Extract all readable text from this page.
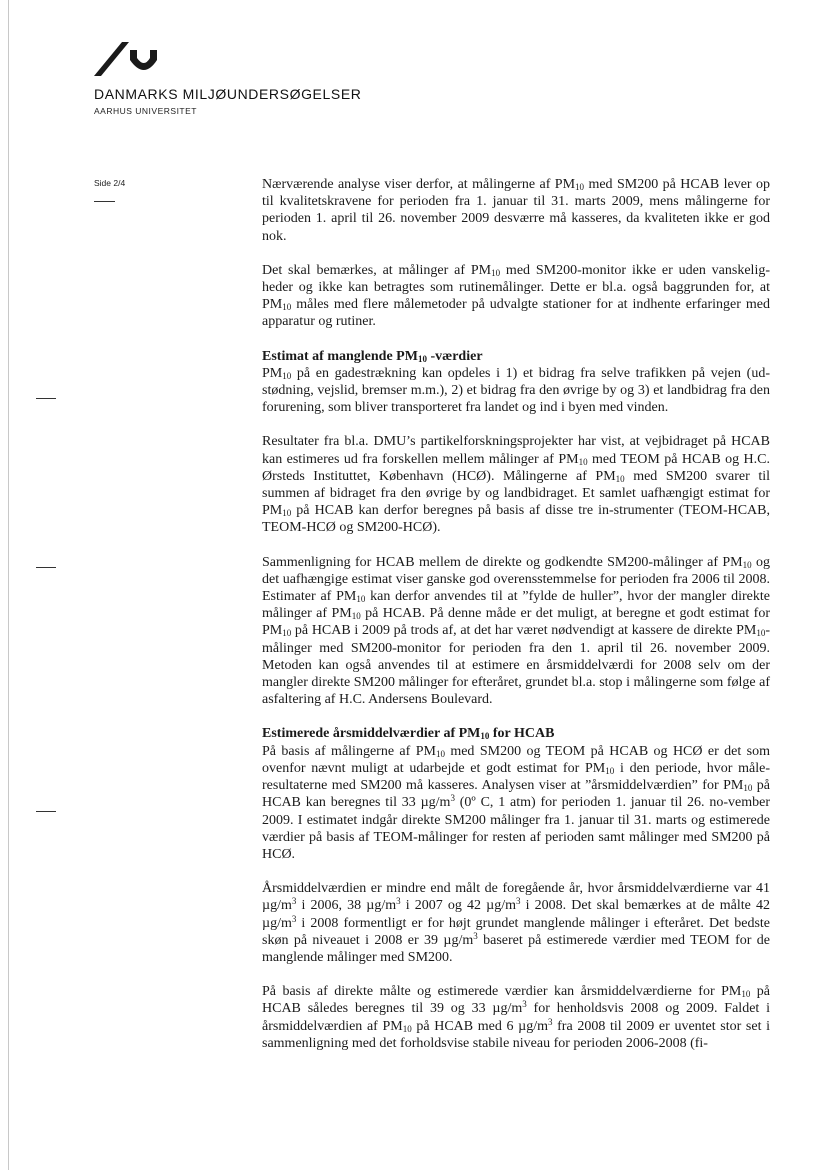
DANMARKS MILJØUNDERSØGELSER
AARHUS UNIVERSITET
Side 2/4	Nærværende analyse viser derfor, at målingerne af $PM_{10}$ med SM200 på HCAB lever op til kvalitetskravene for perioden fra 1. januar til 31. marts 2009, mens målingerne for perioden 1. april til 26. november 2009 desværre må kasseres, da kvaliteten ikke er god nok.

Det skal bemærkes, at målinger af $PM_{10}$ med SM200-monitor ikke er uden vanskelig-heder og ikke kan betragtes som rutinemålinger. Dette er bl.a. også baggrunden for, at $PM_{10}$ måles med flere målemetoder på udvalgte stationer for at indhente erfaringer med apparatur og rutiner.

Estimat af manglende $PM_{10}$ -værdier
$PM_{10}$ på en gadestrækning kan opdeles i 1) et bidrag fra selve trafikken på vejen (ud-stødning, vejslid, bremser m.m.), 2) et bidrag fra den øvrige by og 3) et landbidrag fra den forurening, som bliver transporteret fra landet og ind i byen med vinden.

Resultater fra bl.a. DMU’s partikelforskningsprojekter har vist, at vejbidraget på HCAB kan estimeres ud fra forskellen mellem målinger af $PM_{10}$ med TEOM på HCAB og H.C. Ørsteds Instituttet, København (HCØ). Målingerne af $PM_{10}$ med SM200 svarer til summen af bidraget fra den øvrige by og landbidraget. Et samlet uafhængigt estimat for $PM_{10}$ på HCAB kan derfor beregnes på basis af disse tre in-strumenter (TEOM-HCAB, TEOM-HCØ og SM200-HCØ).

Sammenligning for HCAB mellem de direkte og godkendte SM200-målinger af $PM_{10}$ og det uafhængige estimat viser ganske god overensstemmelse for perioden fra 2006 til 2008. Estimater af $PM_{10}$ kan derfor anvendes til at ”fylde de huller”, hvor der mangler direkte målinger af $PM_{10}$ på HCAB. På denne måde er det muligt, at beregne et godt estimat for $PM_{10}$ på HCAB i 2009 på trods af, at det har været nødvendigt at kassere de direkte $PM_{10}$-målinger med SM200-monitor for perioden fra den 1. april til 26. november 2009. Metoden kan også anvendes til at estimere en årsmiddelværdi for 2008 selv om der mangler direkte SM200 målinger for efteråret, grundet bl.a. stop i målingerne som følge af asfaltering af H.C. Andersens Boulevard.

Estimerede årsmiddelværdier af $PM_{10}$ for HCAB
På basis af målingerne af $PM_{10}$ med SM200 og TEOM på HCAB og HCØ er det som ovenfor nævnt muligt at udarbejde et godt estimat for $PM_{10}$ i den periode, hvor måle-resultaterne med SM200 må kasseres. Analysen viser at ”årsmiddelværdien” for $PM_{10}$ på HCAB kan beregnes til 33 $\mu g/m^3$ (0º C, 1 atm) for perioden 1. januar til 26. no-vember 2009. I estimatet indgår direkte SM200 målinger fra 1. januar til 31. marts og estimerede værdier på basis af TEOM-målinger for resten af perioden samt målinger med SM200 på HCØ.

Årsmiddelværdien er mindre end målt de foregående år, hvor årsmiddelværdierne var 41 $\mu g/m^3$ i 2006, 38 $\mu g/m^3$ i 2007 og 42 $\mu g/m^3$ i 2008. Det skal bemærkes at de målte 42 $\mu g/m^3$ i 2008 formentligt er for højt grundet manglende målinger i efteråret. Det bedste skøn på niveauet i 2008 er 39 $\mu g/m^3$ baseret på estimerede værdier med TEOM for de manglende målinger med SM200.

På basis af direkte målte og estimerede værdier kan årsmiddelværdierne for $PM_{10}$ på HCAB således beregnes til 39 og 33 $\mu g/m^3$ for henholdsvis 2008 og 2009. Faldet i årsmiddelværdien af $PM_{10}$ på HCAB med 6 $\mu g/m^3$ fra 2008 til 2009 er uventet stor set i sammenligning med det forholdsvise stabile niveau for perioden 2006-2008 (fi-
